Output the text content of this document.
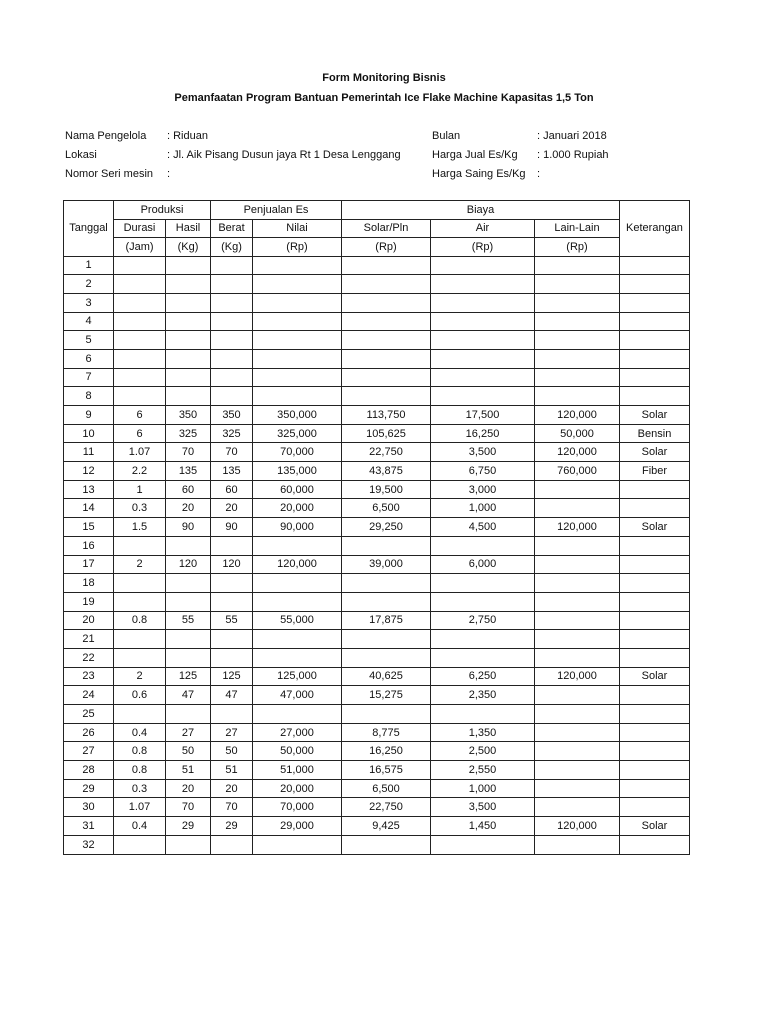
Form Monitoring Bisnis
Pemanfaatan Program Bantuan Pemerintah Ice Flake Machine Kapasitas 1,5 Ton
Nama Pengelola : Riduan
Lokasi	: Jl. Aik Pisang Dusun jaya Rt 1 Desa Lenggang
Nomor Seri mesin :
Bulan	: Januari 2018
Harga Jual Es/Kg : 1.000 Rupiah
Harga Saing Es/Kg :
Tanggal	Produksi		Penjualan Es		Biaya			Keterangan
	Durasi	Hasil	Berat	Nilai	Solar/Pln	Air	Lain-Lain	
	(Jam)	(Kg)	(Kg)	(Rp)	(Rp)	(Rp)	(Rp)	
1								
2								
3								
4								
5								
6								
7								
8								
9	6	350	350	350,000	113,750	17,500	120,000	Solar
10	6	325	325	325,000	105,625	16,250	50,000	Bensin
11	1.07	70	70	70,000	22,750	3,500	120,000	Solar
12	2.2	135	135	135,000	43,875	6,750	760,000	Fiber
13	1	60	60	60,000	19,500	3,000		
14	0.3	20	20	20,000	6,500	1,000		
15	1.5	90	90	90,000	29,250	4,500	120,000	Solar
16								
17	2	120	120	120,000	39,000	6,000		
18								
19								
20	0.8	55	55	55,000	17,875	2,750		
21								
22								
23	2	125	125	125,000	40,625	6,250	120,000	Solar
24	0.6	47	47	47,000	15,275	2,350		
25								
26	0.4	27	27	27,000	8,775	1,350		
27	0.8	50	50	50,000	16,250	2,500		
28	0.8	51	51	51,000	16,575	2,550		
29	0.3	20	20	20,000	6,500	1,000		
30	1.07	70	70	70,000	22,750	3,500		
31	0.4	29	29	29,000	9,425	1,450	120,000	Solar
32								
